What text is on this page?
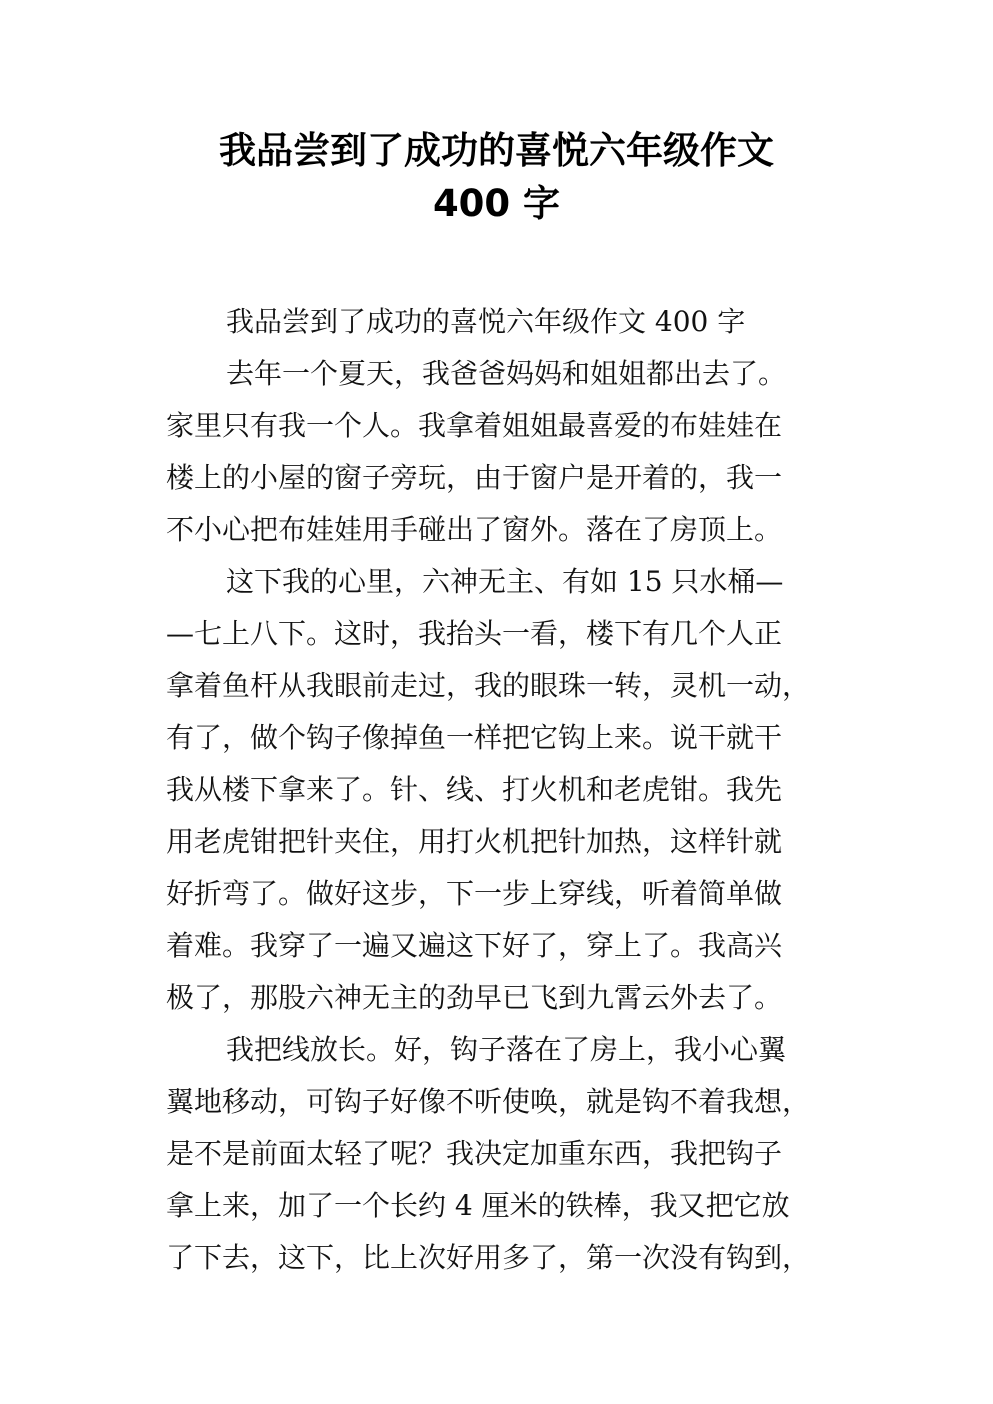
我品尝到了成功的喜悦六年级作文
400 字
我品尝到了成功的喜悦六年级作文 400 字
去年一个夏天，我爸爸妈妈和姐姐都出去了。
家里只有我一个人。我拿着姐姐最喜爱的布娃娃在
楼上的小屋的窗子旁玩，由于窗户是开着的，我一
不小心把布娃娃用手碰出了窗外。落在了房顶上。
这下我的心里，六神无主、有如 15 只水桶—
—七上八下。这时，我抬头一看，楼下有几个人正
拿着鱼杆从我眼前走过，我的眼珠一转，灵机一动，
有了，做个钩子像掉鱼一样把它钩上来。说干就干
我从楼下拿来了。针、线、打火机和老虎钳。我先
用老虎钳把针夹住，用打火机把针加热，这样针就
好折弯了。做好这步，下一步上穿线，听着简单做
着难。我穿了一遍又遍这下好了，穿上了。我高兴
极了，那股六神无主的劲早已飞到九霄云外去了。
我把线放长。好，钩子落在了房上，我小心翼
翼地移动，可钩子好像不听使唤，就是钩不着我想，
是不是前面太轻了呢？我决定加重东西，我把钩子
拿上来，加了一个长约 4 厘米的铁棒，我又把它放
了下去，这下，比上次好用多了，第一次没有钩到，
